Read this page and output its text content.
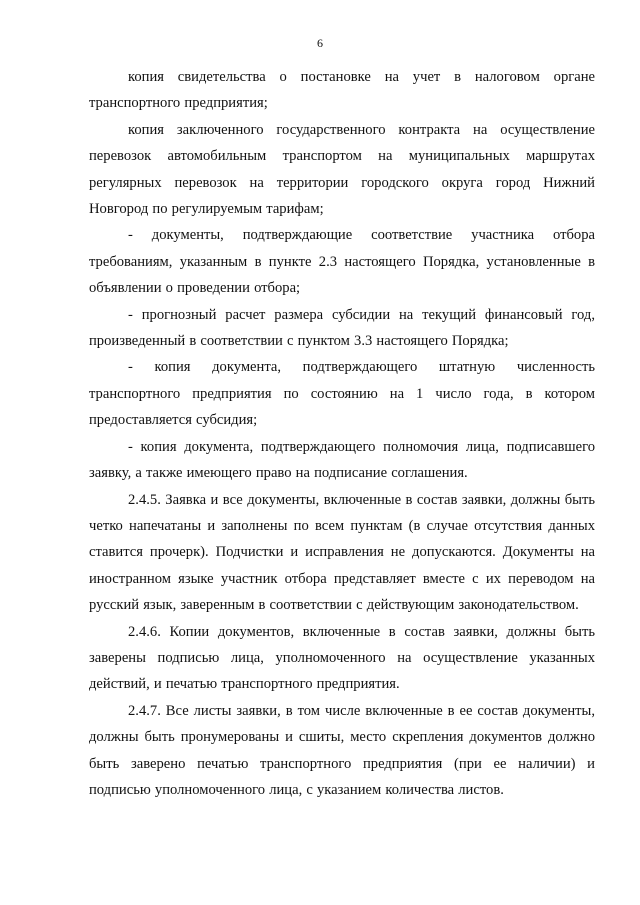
6

копия свидетельства о постановке на учет в налоговом органе транспортного предприятия;

копия заключенного государственного контракта на осуществление перевозок автомобильным транспортом на муниципальных маршрутах регулярных перевозок на территории городского округа город Нижний Новгород по регулируемым тарифам;

- документы, подтверждающие соответствие участника отбора требованиям, указанным в пункте 2.3 настоящего Порядка, установленные в объявлении о проведении отбора;

- прогнозный расчет размера субсидии на текущий финансовый год, произведенный в соответствии с пунктом 3.3 настоящего Порядка;

- копия документа, подтверждающего штатную численность транспортного предприятия по состоянию на 1 число года, в котором предоставляется субсидия;

- копия документа, подтверждающего полномочия лица, подписавшего заявку, а также имеющего право на подписание соглашения.

2.4.5. Заявка и все документы, включенные в состав заявки, должны быть четко напечатаны и заполнены по всем пунктам (в случае отсутствия данных ставится прочерк). Подчистки и исправления не допускаются. Документы на иностранном языке участник отбора представляет вместе с их переводом на русский язык, заверенным в соответствии с действующим законодательством.

2.4.6. Копии документов, включенные в состав заявки, должны быть заверены подписью лица, уполномоченного на осуществление указанных действий, и печатью транспортного предприятия.

2.4.7. Все листы заявки, в том числе включенные в ее состав документы, должны быть пронумерованы и сшиты, место скрепления документов должно быть заверено печатью транспортного предприятия (при ее наличии) и подписью уполномоченного лица, с указанием количества листов.
